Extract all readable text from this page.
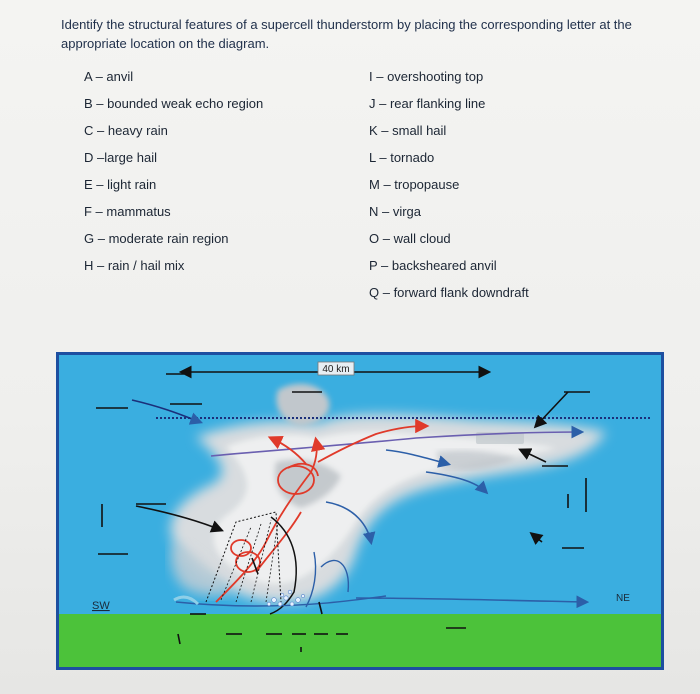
Identify the structural features of a supercell thunderstorm by placing the corresponding letter at the appropriate location on the diagram.
A – anvil
B – bounded weak echo region
C – heavy rain
D –large hail
E – light rain
F – mammatus
G – moderate rain region
H – rain / hail mix
I – overshooting top
J – rear flanking line
K – small hail
L – tornado
M – tropopause
N – virga
O – wall cloud
P – backsheared anvil
Q – forward flank downdraft
40 km
SW
NE
